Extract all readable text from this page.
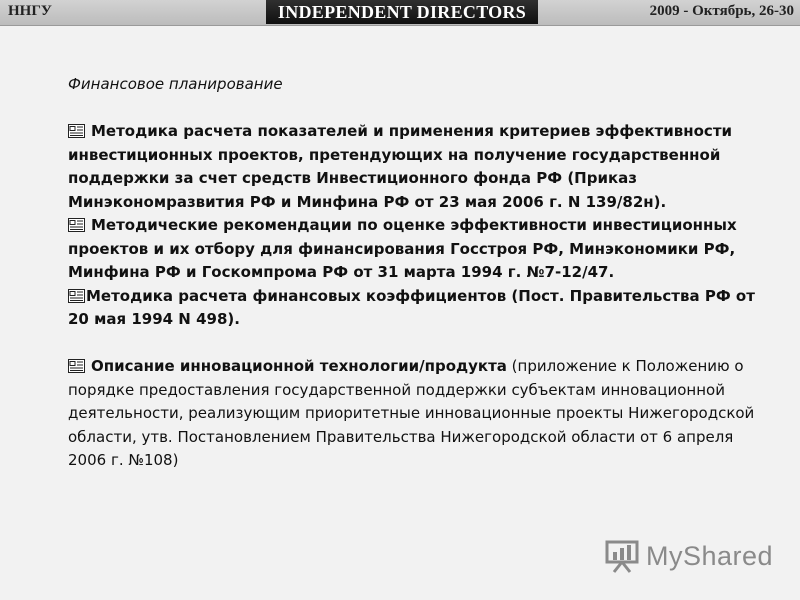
ННГУ	INDEPENDENT DIRECTORS	2009 - Октябрь, 26-30

Финансовое планирование

Методика расчета показателей и применения критериев эффективности инвестиционных проектов, претендующих на получение государственной поддержки за счет средств Инвестиционного фонда РФ (Приказ Минэкономразвития РФ и Минфина РФ от 23 мая 2006 г. N 139/82н).

Методические рекомендации по оценке эффективности инвестиционных проектов и их отбору для финансирования Госстроя РФ, Минэкономики РФ, Минфина РФ и Госкомпрома РФ от 31 марта 1994 г. №7-12/47.

Методика расчета финансовых коэффициентов (Пост. Правительства РФ от 20 мая 1994 N 498).

Описание инновационной технологии/продукта (приложение к Положению о порядке предоставления государственной поддержки субъектам инновационной деятельности, реализующим приоритетные инновационные проекты Нижегородской области, утв. Постановлением Правительства Нижегородской области от 6 апреля 2006 г. №108)

MyShared
